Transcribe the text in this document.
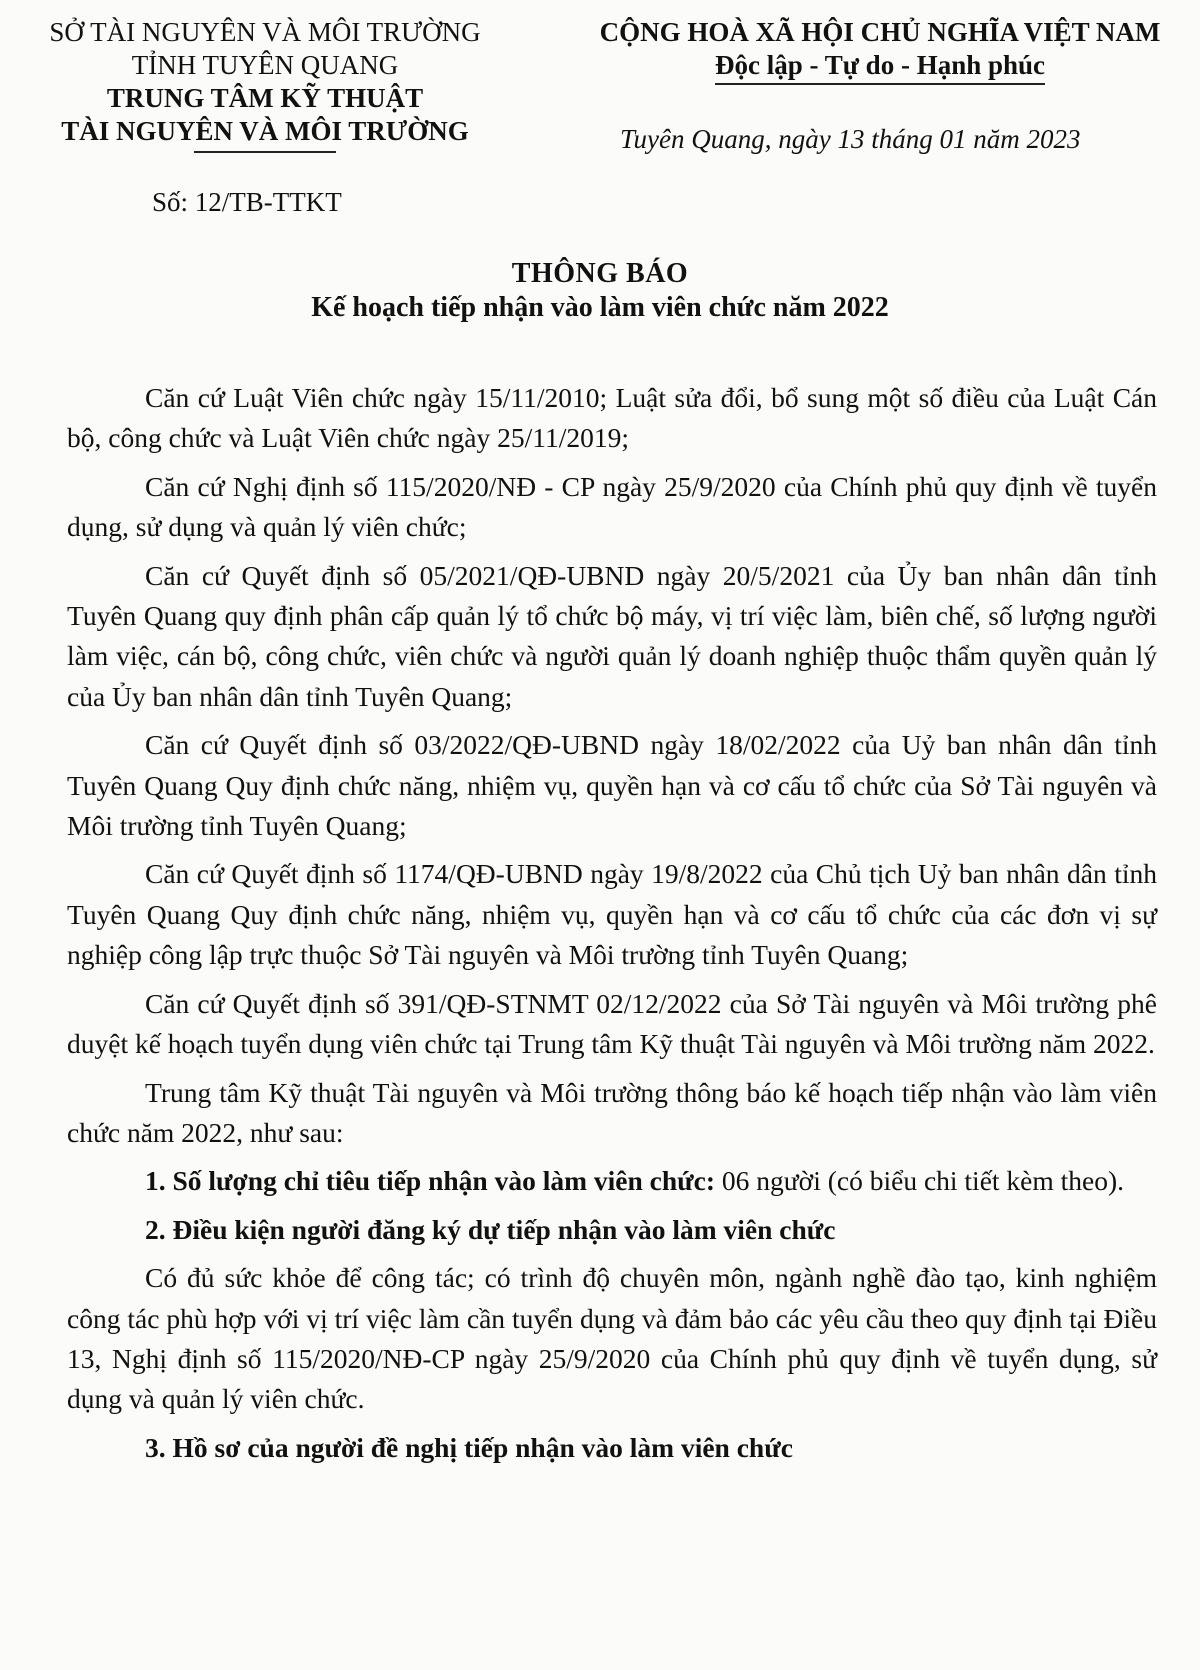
SỞ TÀI NGUYÊN VÀ MÔI TRƯỜNG
TỈNH TUYÊN QUANG
TRUNG TÂM KỸ THUẬT
TÀI NGUYÊN VÀ MÔI TRƯỜNG
CỘNG HOÀ XÃ HỘI CHỦ NGHĨA VIỆT NAM
Độc lập - Tự do - Hạnh phúc
Tuyên Quang, ngày 13 tháng 01 năm 2023
Số: 12/TB-TTKT
THÔNG BÁO
Kế hoạch tiếp nhận vào làm viên chức năm 2022

Căn cứ Luật Viên chức ngày 15/11/2010; Luật sửa đổi, bổ sung một số điều của Luật Cán bộ, công chức và Luật Viên chức ngày 25/11/2019;

Căn cứ Nghị định số 115/2020/NĐ - CP ngày 25/9/2020 của Chính phủ quy định về tuyển dụng, sử dụng và quản lý viên chức;

Căn cứ Quyết định số 05/2021/QĐ-UBND ngày 20/5/2021 của Ủy ban nhân dân tỉnh Tuyên Quang quy định phân cấp quản lý tổ chức bộ máy, vị trí việc làm, biên chế, số lượng người làm việc, cán bộ, công chức, viên chức và người quản lý doanh nghiệp thuộc thẩm quyền quản lý của Ủy ban nhân dân tỉnh Tuyên Quang;

Căn cứ Quyết định số 03/2022/QĐ-UBND ngày 18/02/2022 của Uỷ ban nhân dân tỉnh Tuyên Quang Quy định chức năng, nhiệm vụ, quyền hạn và cơ cấu tổ chức của Sở Tài nguyên và Môi trường tỉnh Tuyên Quang;

Căn cứ Quyết định số 1174/QĐ-UBND ngày 19/8/2022 của Chủ tịch Uỷ ban nhân dân tỉnh Tuyên Quang Quy định chức năng, nhiệm vụ, quyền hạn và cơ cấu tổ chức của các đơn vị sự nghiệp công lập trực thuộc Sở Tài nguyên và Môi trường tỉnh Tuyên Quang;

Căn cứ Quyết định số 391/QĐ-STNMT 02/12/2022 của Sở Tài nguyên và Môi trường phê duyệt kế hoạch tuyển dụng viên chức tại Trung tâm Kỹ thuật Tài nguyên và Môi trường năm 2022.

Trung tâm Kỹ thuật Tài nguyên và Môi trường thông báo kế hoạch tiếp nhận vào làm viên chức năm 2022, như sau:

1. Số lượng chỉ tiêu tiếp nhận vào làm viên chức: 06 người (có biểu chi tiết kèm theo).

2. Điều kiện người đăng ký dự tiếp nhận vào làm viên chức

Có đủ sức khỏe để công tác; có trình độ chuyên môn, ngành nghề đào tạo, kinh nghiệm công tác phù hợp với vị trí việc làm cần tuyển dụng và đảm bảo các yêu cầu theo quy định tại Điều 13, Nghị định số 115/2020/NĐ-CP ngày 25/9/2020 của Chính phủ quy định về tuyển dụng, sử dụng và quản lý viên chức.

3. Hồ sơ của người đề nghị tiếp nhận vào làm viên chức
